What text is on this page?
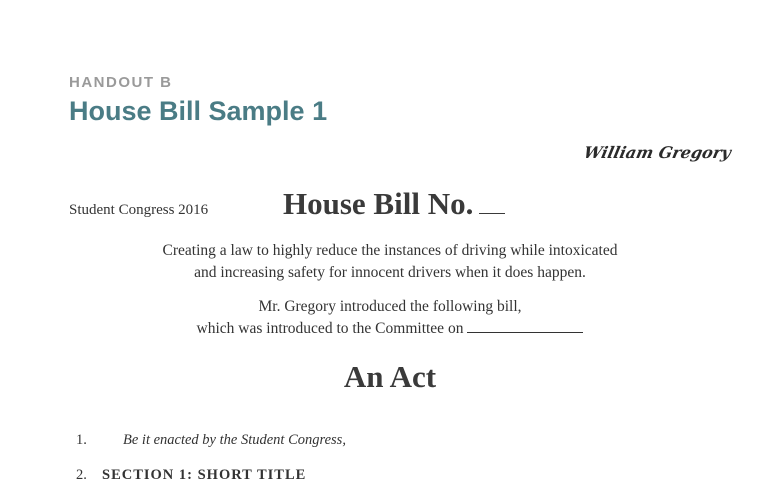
HANDOUT B
House Bill Sample 1
William Gregory
Student Congress 2016 House Bill No.
Creating a law to highly reduce the instances of driving while intoxicated
and increasing safety for innocent drivers when it does happen.
Mr. Gregory introduced the following bill,
which was introduced to the Committee on
An Act
1. Be it enacted by the Student Congress,
2. SECTION 1: SHORT TITLE
